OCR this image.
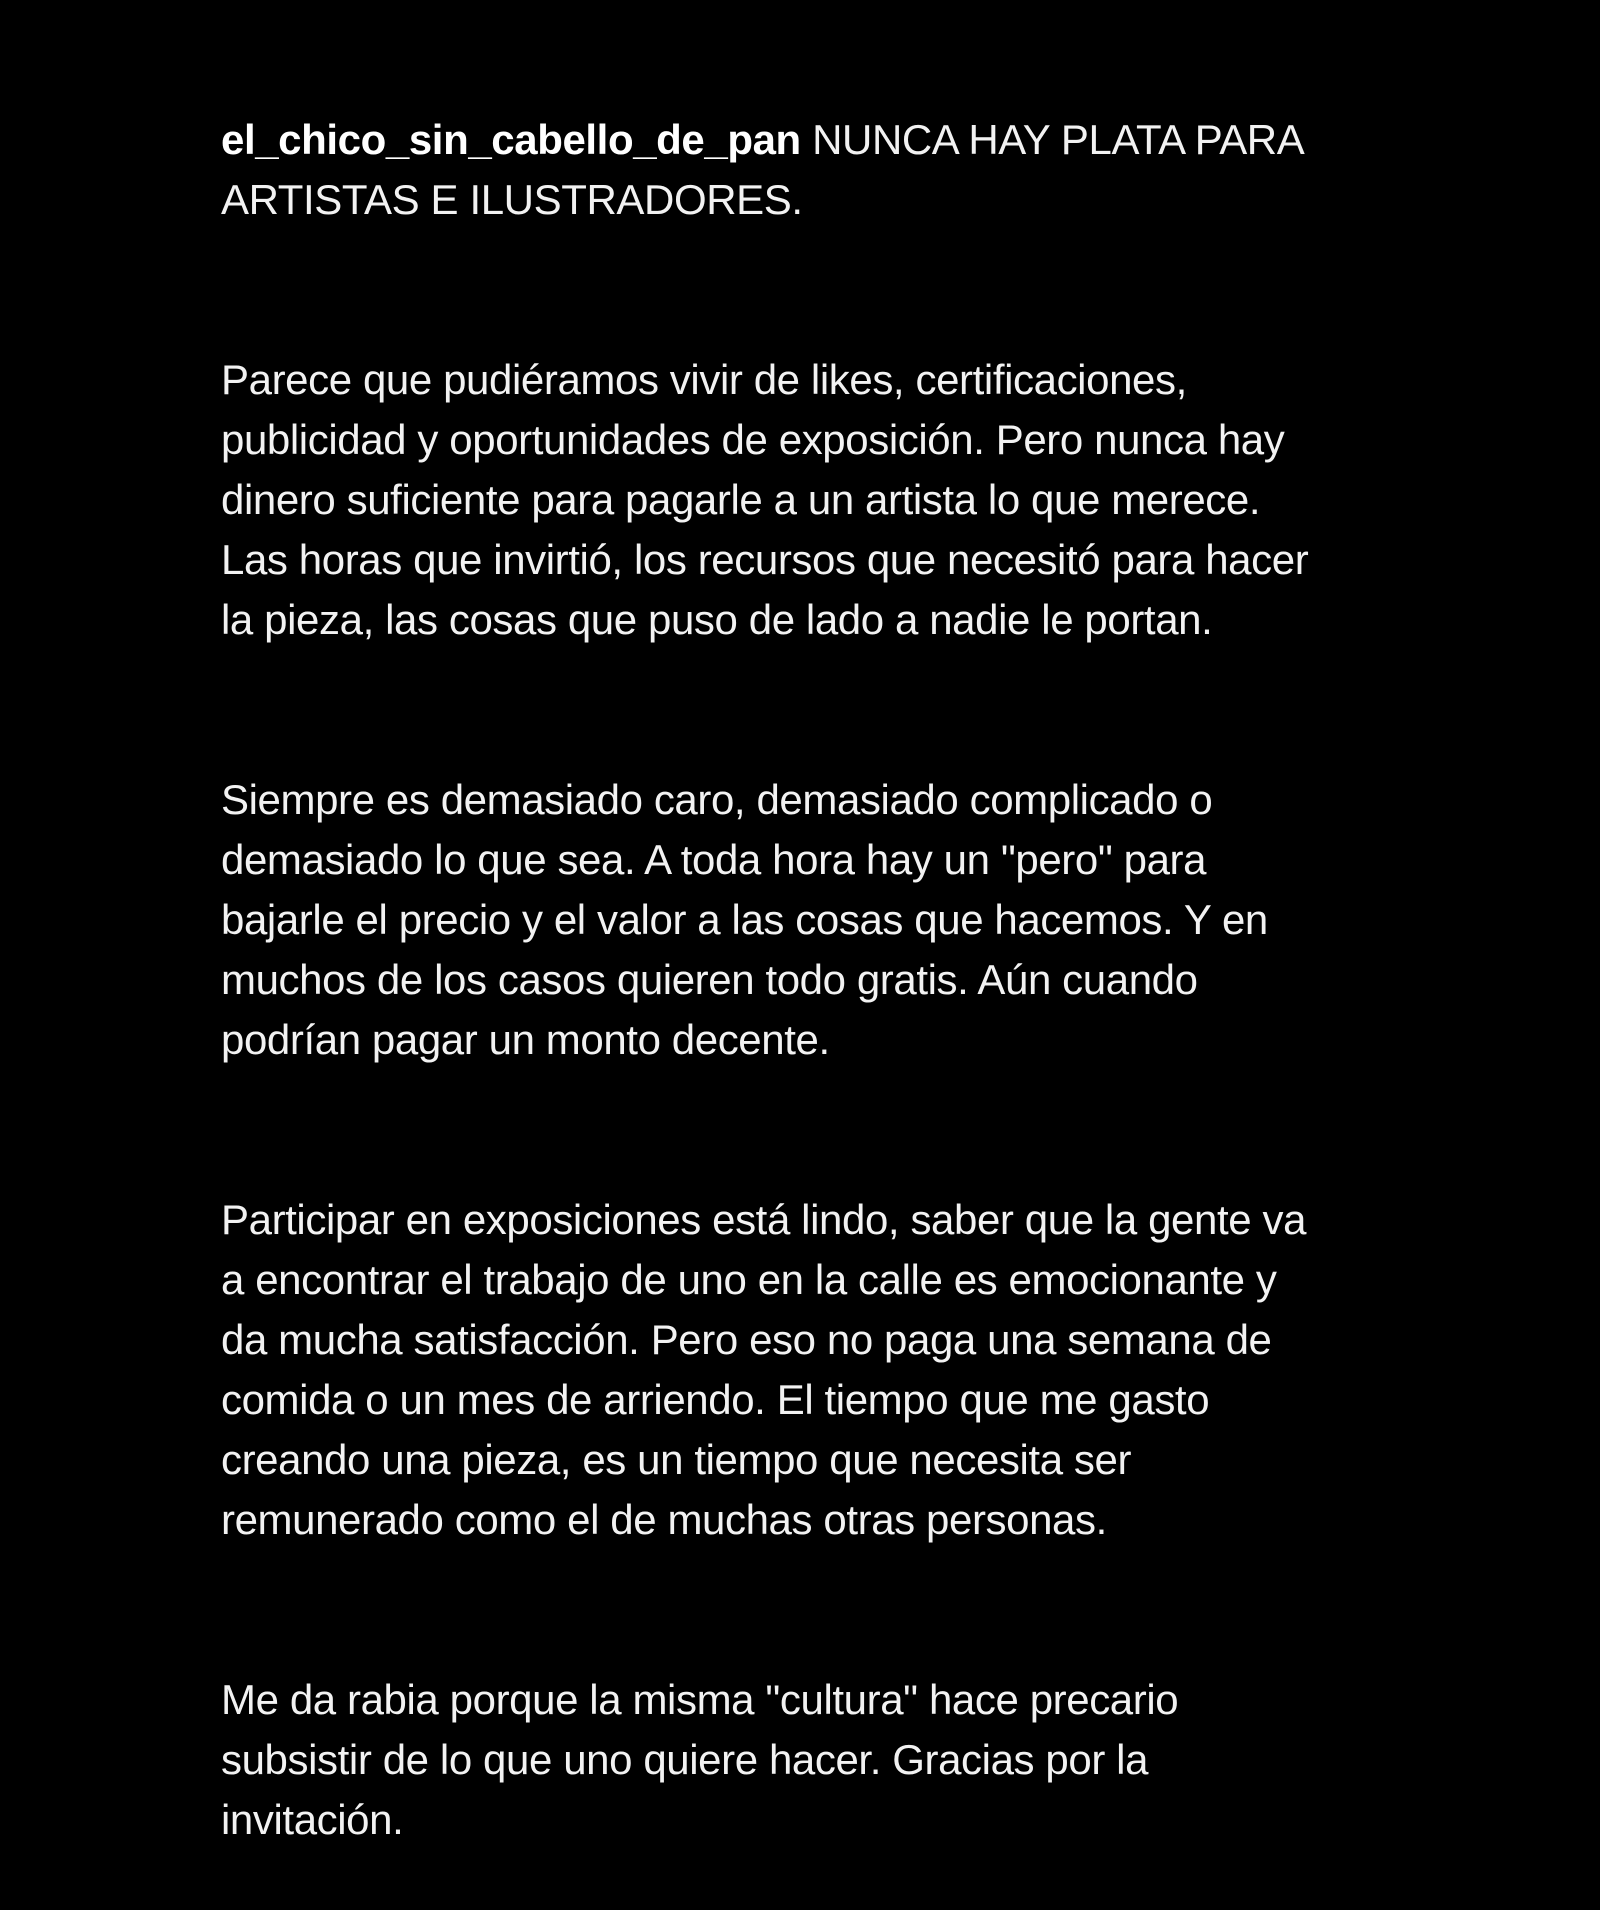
el_chico_sin_cabello_de_pan NUNCA HAY PLATA PARA
ARTISTAS E ILUSTRADORES.

Parece que pudiéramos vivir de likes, certificaciones,
publicidad y oportunidades de exposición. Pero nunca hay
dinero suficiente para pagarle a un artista lo que merece.
Las horas que invirtió, los recursos que necesitó para hacer
la pieza, las cosas que puso de lado a nadie le portan.

Siempre es demasiado caro, demasiado complicado o
demasiado lo que sea. A toda hora hay un "pero" para
bajarle el precio y el valor a las cosas que hacemos. Y en
muchos de los casos quieren todo gratis. Aún cuando
podrían pagar un monto decente.

Participar en exposiciones está lindo, saber que la gente va
a encontrar el trabajo de uno en la calle es emocionante y
da mucha satisfacción. Pero eso no paga una semana de
comida o un mes de arriendo. El tiempo que me gasto
creando una pieza, es un tiempo que necesita ser
remunerado como el de muchas otras personas.

Me da rabia porque la misma "cultura" hace precario
subsistir de lo que uno quiere hacer. Gracias por la
invitación.
